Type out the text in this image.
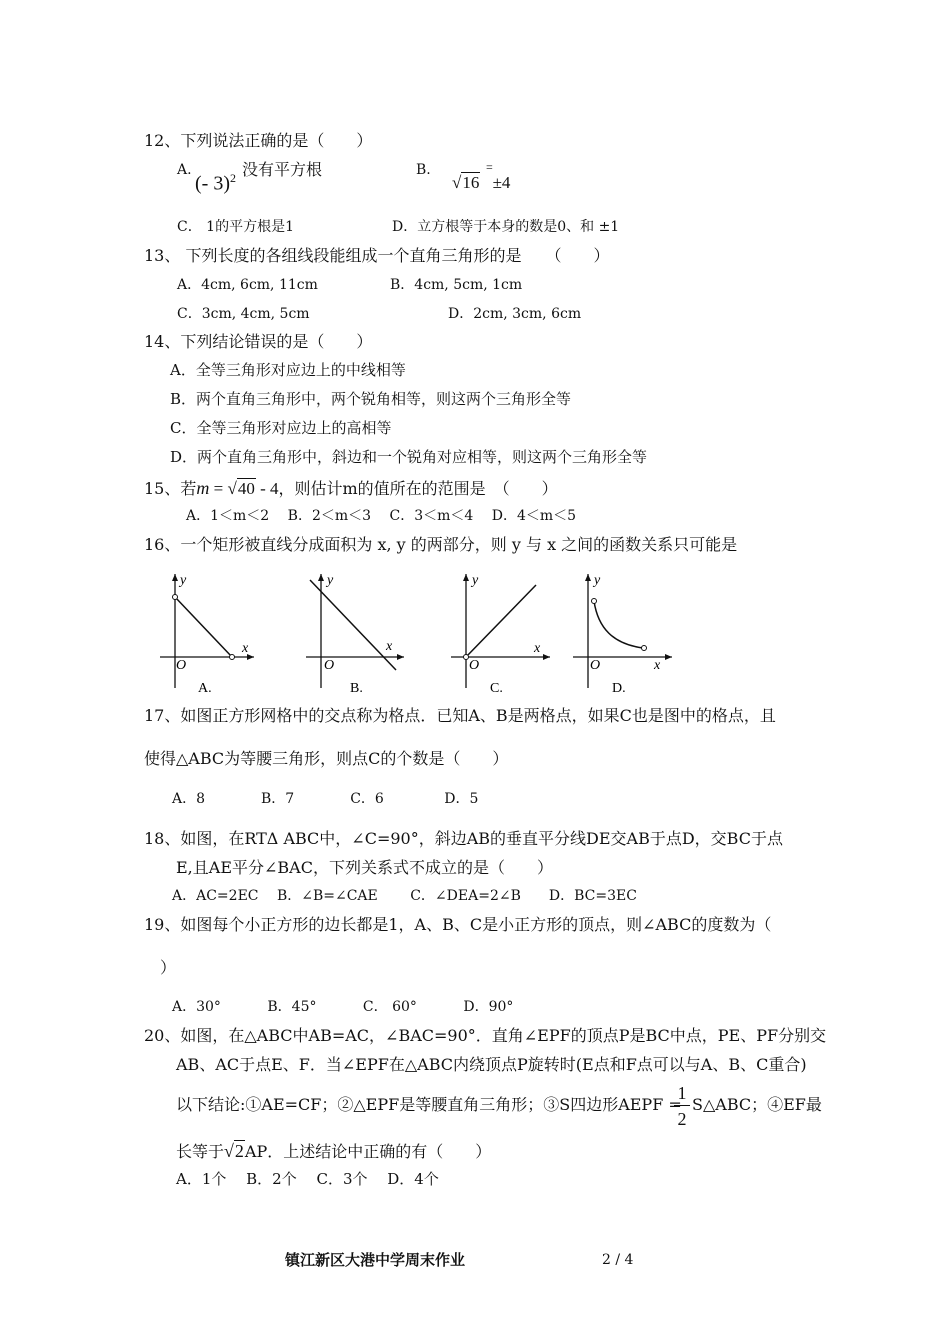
12、下列说法正确的是（　　）
A.
(- 3)$^2$ 没有平方根	B.	=
√16 ±4
C． 1的平方根是1	D．立方根等于本身的数是0、和 ±1
13、 下列长度的各组线段能组成一个直角三角形的是　　（　　）
A．4cm, 6cm, 11cm	B．4cm, 5cm, 1cm
C．3cm, 4cm, 5cm	D．2cm, 3cm, 6cm
14、下列结论错误的是（　　）
A．全等三角形对应边上的中线相等
B．两个直角三角形中，两个锐角相等，则这两个三角形全等
C．全等三角形对应边上的高相等
D．两个直角三角形中，斜边和一个锐角对应相等，则这两个三角形全等
15、若m = √40 - 4，则估计m的值所在的范围是　（　　）
A．1＜m＜2　 B．2＜m＜3　 C．3＜m＜4　 D．4＜m＜5
16、一个矩形被直线分成面积为 x, y 的两部分，则 y 与 x 之间的函数关系只可能是
y
x
O
A.
y
x
O
B.
y
x
O
C.
y
x
O
D.
17、如图正方形网格中的交点称为格点．已知A、B是两格点，如果C也是图中的格点，且
使得△ABC为等腰三角形，则点C的个数是（　　）
A．8　　　　B．7　　　　C．6　　　　 D．5
18、如图，在RTΔ ABC中，∠C=90°，斜边AB的垂直平分线DE交AB于点D，交BC于点
E,且AE平分∠BAC，下列关系式不成立的是（　　）
A．AC=2EC　 B．∠B=∠CAE　　 C．∠DEA=2∠B　　D．BC=3EC
19、如图每个小正方形的边长都是1，A、B、C是小正方形的顶点，则∠ABC的度数为（
）
A．30°　　　 B．45°　　　 C． 60°　　　 D．90°
20、如图，在△ABC中AB=AC，∠BAC=90°．直角∠EPF的顶点P是BC中点，PE、PF分别交
AB、AC于点E、F．当∠EPF在△ABC内绕顶点P旋转时(E点和F点可以与A、B、C重合)
以下结论:①AE=CF；②△EPF是等腰直角三角形；③S四边形AEPF =
1
2
S△ABC；④EF最
长等于√2AP．上述结论中正确的有（　　）
A．1个　 B．2个　 C．3个　 D．4个
镇江新区大港中学周末作业	2 / 4
